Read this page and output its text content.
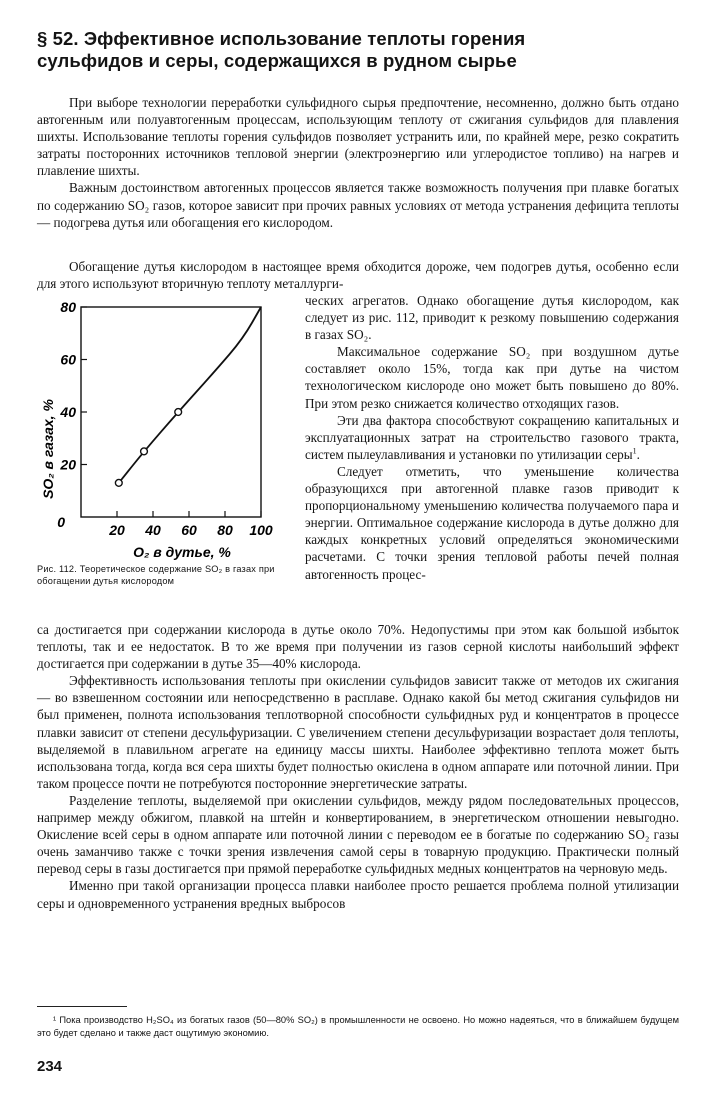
§ 52. Эффективное использование теплоты горения
сульфидов и серы, содержащихся в рудном сырье

При выборе технологии переработки сульфидного сырья предпочтение, несомненно, должно быть отдано автогенным или полуавтогенным процессам, использующим теплоту от сжигания сульфидов для плавления шихты. Использование теплоты горения сульфидов позволяет устранить или, по крайней мере, резко сократить затраты посторонних источников тепловой энергии (электроэнергию или углеродистое топливо) на нагрев и плавление шихты.

Важным достоинством автогенных процессов является также возможность получения при плавке богатых по содержанию SO₂ газов, которое зависит при прочих равных условиях от метода устранения дефицита теплоты — подогрева дутья или обогащения его кислородом.

Обогащение дутья кислородом в настоящее время обходится дороже, чем подогрев дутья, особенно если для этого используют вторичную теплоту металлурги-

20
40
60
80
20 40 60 80 100
0
SO₂ в газах, %
O₂ в дутье, %
Рис. 112. Теоретическое содержание SO₂ в газах при обогащении дутья кислородом

ческих агрегатов. Однако обогащение дутья кислородом, как следует из рис. 112, приводит к резкому повышению содержания в газах SO₂.

Максимальное содержание SO₂ при воздушном дутье составляет около 15%, тогда как при дутье на чистом технологическом кислороде оно может быть повышено до 80%. При этом резко снижается количество отходящих газов.

Эти два фактора способствуют сокращению капитальных и эксплуатационных затрат на строительство газового тракта, систем пылеулавливания и установки по утилизации серы$^1$.

Следует отметить, что уменьшение количества образующихся при автогенной плавке газов приводит к пропорциональному уменьшению количества получаемого пара и энергии. Оптимальное содержание кислорода в дутье должно для каждых конкретных условий определяться экономическими расчетами. С точки зрения тепловой работы печей полная автогенность процес-

са достигается при содержании кислорода в дутье около 70%. Недопустимы при этом как большой избыток теплоты, так и ее недостаток. В то же время при получении из газов серной кислоты наибольший эффект достигается при содержании в дутье 35—40% кислорода.

Эффективность использования теплоты при окислении сульфидов зависит также от методов их сжигания — во взвешенном состоянии или непосредственно в расплаве. Однако какой бы метод сжигания сульфидов ни был применен, полнота использования теплотворной способности сульфидных руд и концентратов в процессе плавки зависит от степени десульфуризации. С увеличением степени десульфуризации возрастает доля теплоты, выделяемой в плавильном агрегате на единицу массы шихты. Наиболее эффективно теплота может быть использована тогда, когда вся сера шихты будет полностью окислена в одном аппарате или поточной линии. При таком процессе почти не потребуются посторонние энергетические затраты.

Разделение теплоты, выделяемой при окислении сульфидов, между рядом последовательных процессов, например между обжигом, плавкой на штейн и конвертированием, в энергетическом отношении невыгодно. Окисление всей серы в одном аппарате или поточной линии с переводом ее в богатые по содержанию SO₂ газы очень заманчиво также с точки зрения извлечения самой серы в товарную продукцию. Практически полный перевод серы в газы достигается при прямой переработке сульфидных медных концентратов на черновую медь.

Именно при такой организации процесса плавки наиболее просто решается проблема полной утилизации серы и одновременного устранения вредных выбросов

¹ Пока производство H₂SO₄ из богатых газов (50—80% SO₂) в промышленности не освоено. Но можно надеяться, что в ближайшем будущем это будет сделано и также даст ощутимую экономию.
234
